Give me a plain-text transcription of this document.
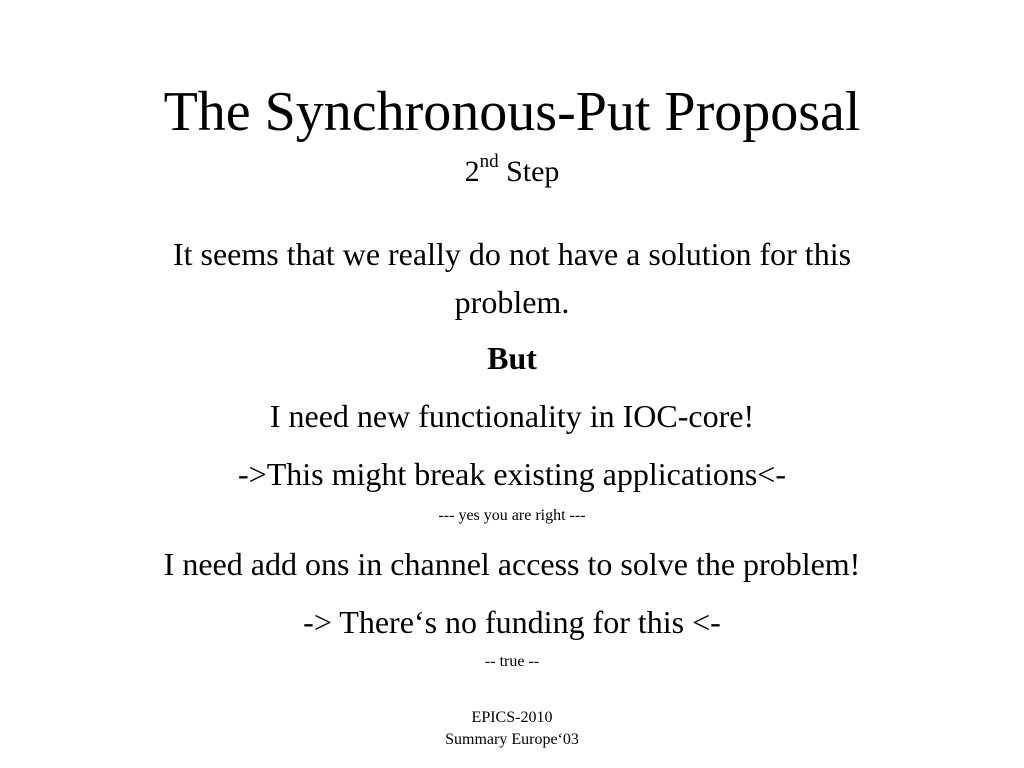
The Synchronous-Put Proposal
2nd Step
It seems that we really do not have a solution for this
problem.
But
I need new functionality in IOC-core!
->This might break existing applications<-
--- yes you are right ---
I need add ons in channel access to solve the problem!
-> There‘s no funding for this <-
-- true --
EPICS-2010
Summary Europe‘03
